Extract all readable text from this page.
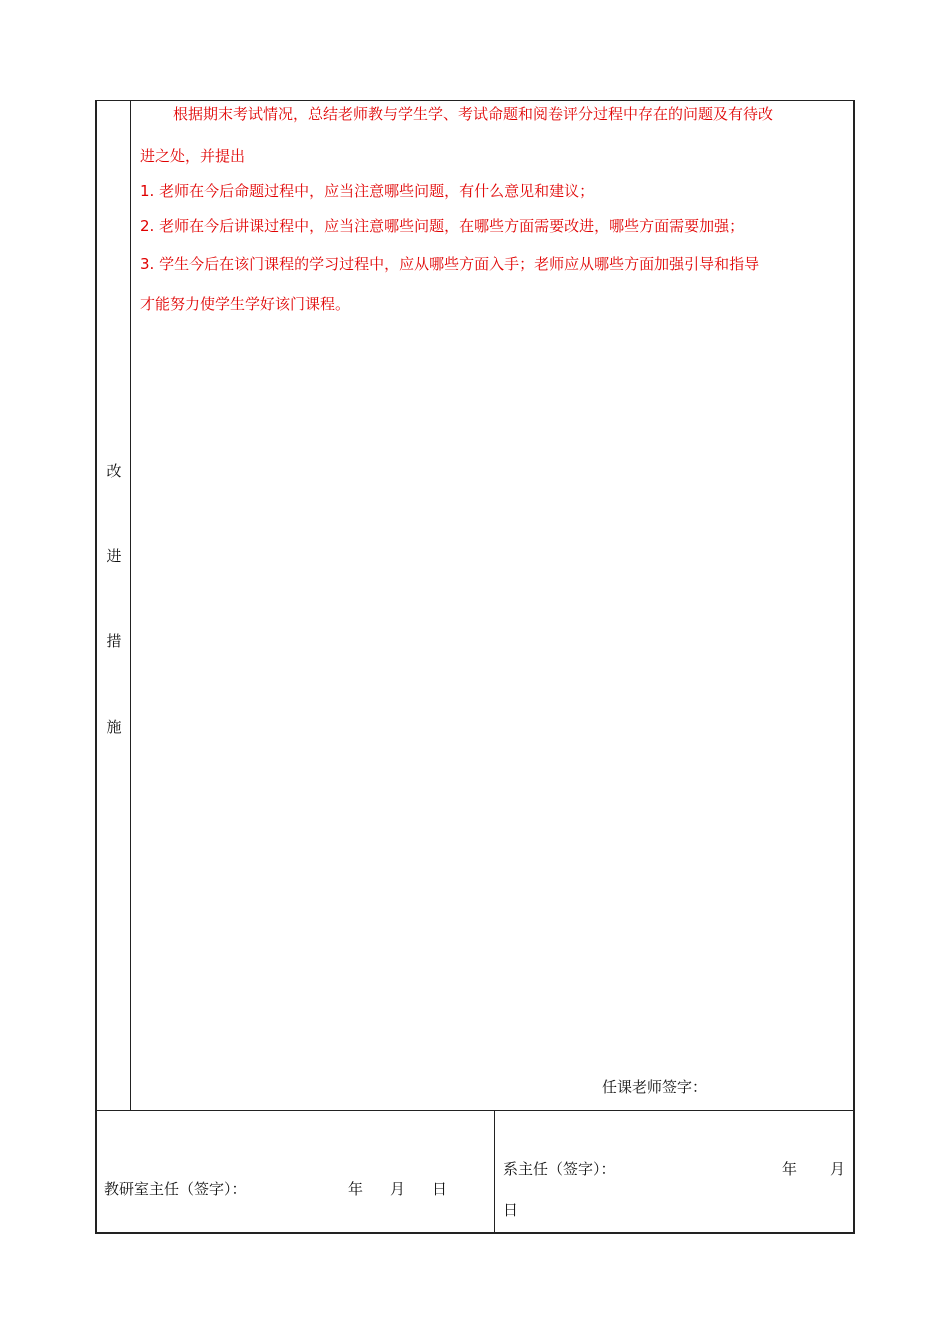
改
进
措
施
根据期末考试情况，总结老师教与学生学、考试命题和阅卷评分过程中存在的问题及有待改
进之处，并提出
1. 老师在今后命题过程中，应当注意哪些问题，有什么意见和建议；
2. 老师在今后讲课过程中，应当注意哪些问题，在哪些方面需要改进，哪些方面需要加强；
3. 学生今后在该门课程的学习过程中，应从哪些方面入手；老师应从哪些方面加强引导和指导
才能努力使学生学好该门课程。
任课老师签字：
教研室主任（签字）：	年 月 日
系主任（签字）：	年 月
日
